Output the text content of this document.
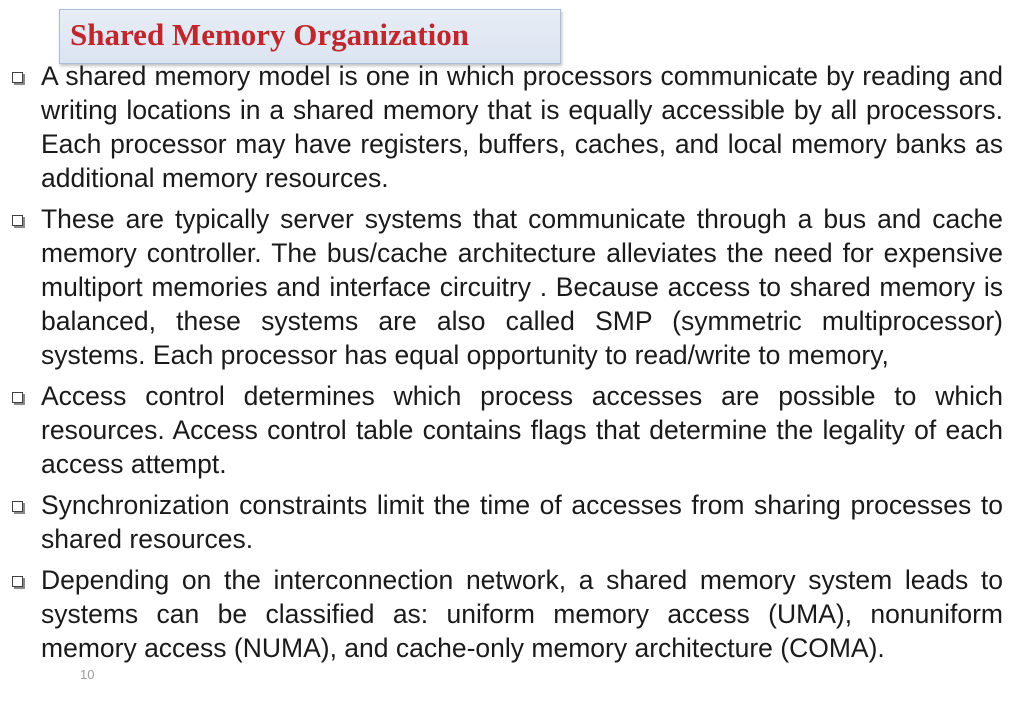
Shared Memory Organization
A shared memory model is one in which processors communicate by reading and writing locations in a shared memory that is equally accessible by all processors. Each processor may have registers, buffers, caches, and local memory banks as additional memory resources.
These are typically server systems that communicate through a bus and cache memory controller. The bus/cache architecture alleviates the need for expensive multiport memories and interface circuitry . Because access to shared memory is balanced, these systems are also called SMP (symmetric multiprocessor) systems. Each processor has equal opportunity to read/write to memory,
Access control determines which process accesses are possible to which resources. Access control table contains flags that determine the legality of each access attempt.
Synchronization constraints limit the time of accesses from sharing processes to shared resources.
Depending on the interconnection network, a shared memory system leads to systems can be classified as: uniform memory access (UMA), nonuniform memory access (NUMA), and cache-only memory architecture (COMA).
10
